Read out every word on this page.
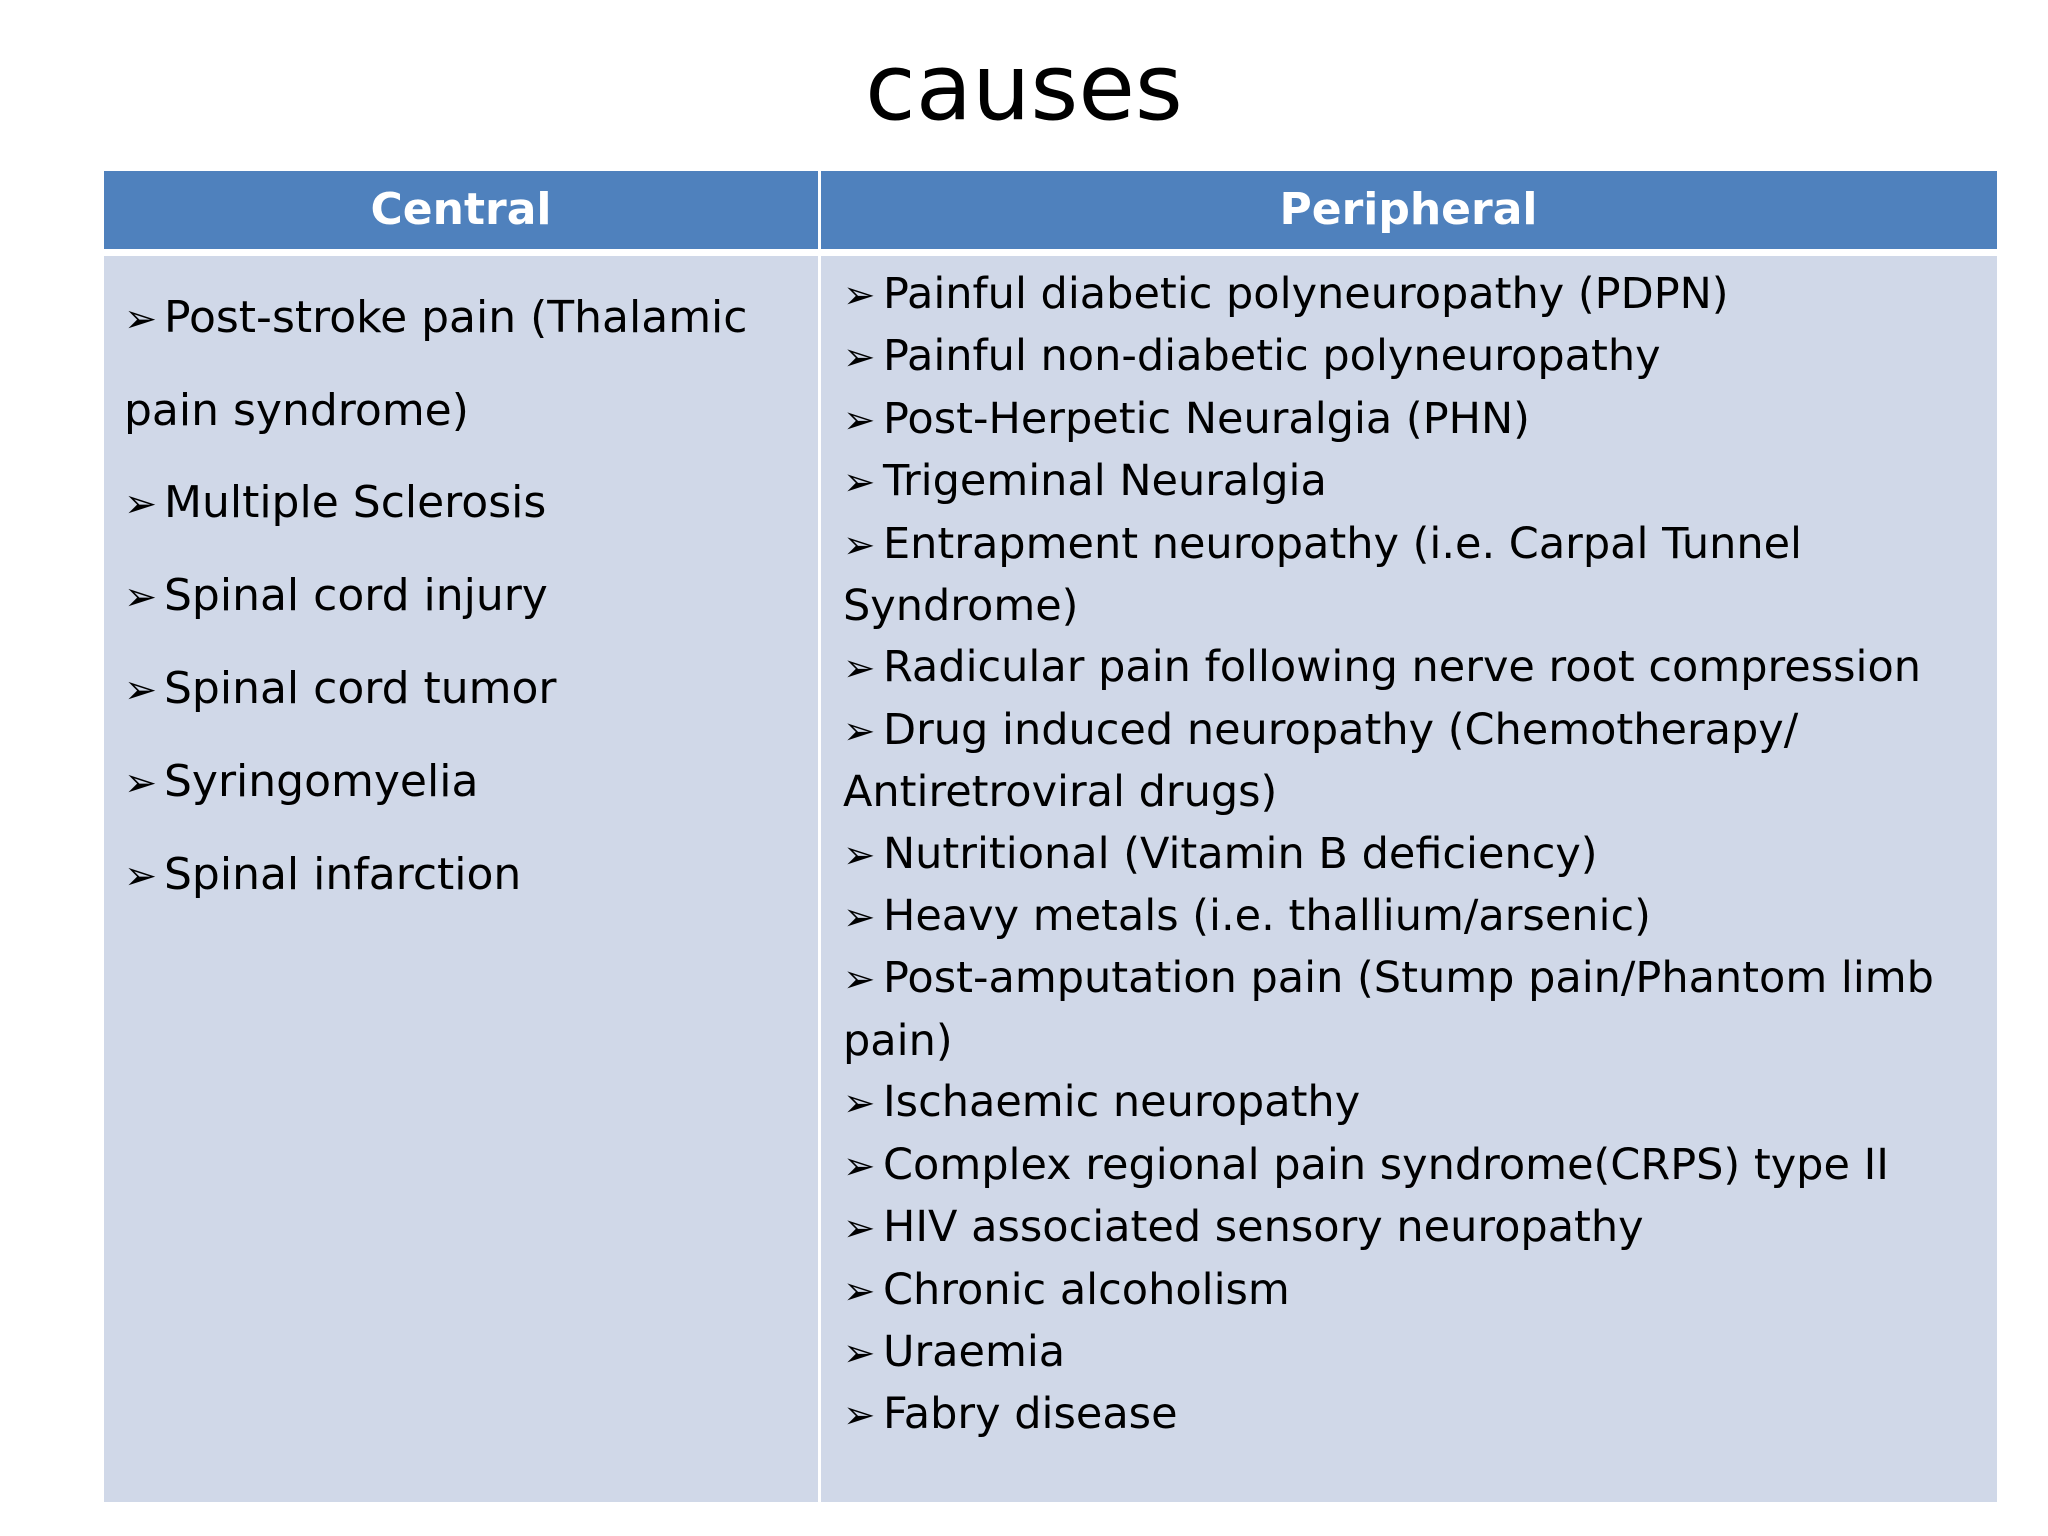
causes
Central	Peripheral
➢ Post-stroke pain (Thalamic pain syndrome)
➢ Multiple Sclerosis
➢ Spinal cord injury
➢ Spinal cord tumor
➢ Syringomyelia
➢ Spinal infarction
➢ Painful diabetic polyneuropathy (PDPN)
➢ Painful non-diabetic polyneuropathy
➢ Post-Herpetic Neuralgia (PHN)
➢ Trigeminal Neuralgia
➢ Entrapment neuropathy (i.e. Carpal Tunnel Syndrome)
➢ Radicular pain following nerve root compression
➢ Drug induced neuropathy (Chemotherapy/ Antiretroviral drugs)
➢ Nutritional (Vitamin B deficiency)
➢ Heavy metals (i.e. thallium/arsenic)
➢ Post-amputation pain (Stump pain/Phantom limb pain)
➢ Ischaemic neuropathy
➢ Complex regional pain syndrome(CRPS) type II
➢ HIV associated sensory neuropathy
➢ Chronic alcoholism
➢ Uraemia
➢ Fabry disease
